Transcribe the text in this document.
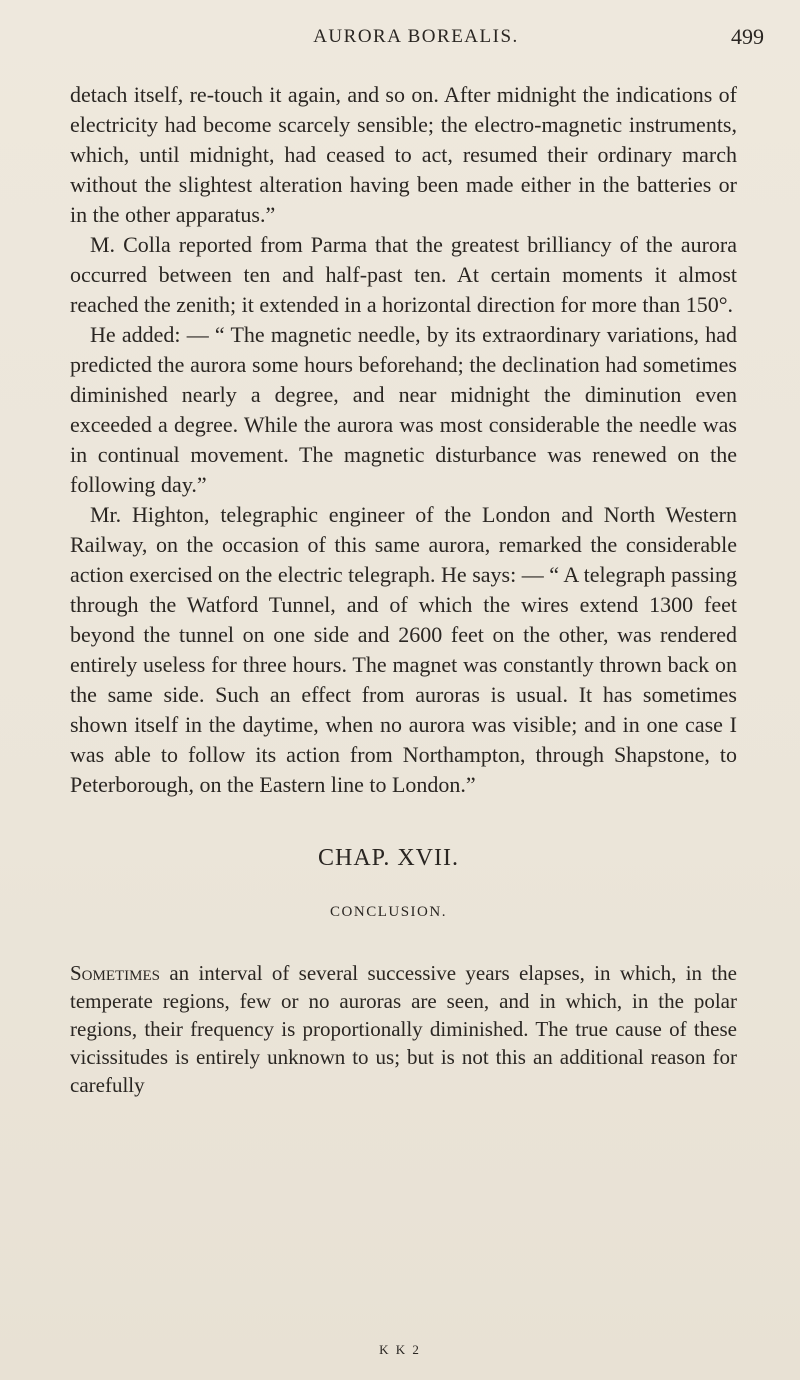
AURORA BOREALIS.	499

detach itself, re-touch it again, and so on. After midnight the indications of electricity had become scarcely sensible; the electro-magnetic instruments, which, until midnight, had ceased to act, resumed their ordinary march without the slightest alteration having been made either in the batteries or in the other apparatus.”

M. Colla reported from Parma that the greatest brilliancy of the aurora occurred between ten and half-past ten. At certain moments it almost reached the zenith; it extended in a horizontal direction for more than 150°.

He added: — “ The magnetic needle, by its extraordinary variations, had predicted the aurora some hours beforehand; the declination had sometimes diminished nearly a degree, and near midnight the diminution even exceeded a degree. While the aurora was most considerable the needle was in continual movement. The magnetic disturbance was renewed on the following day.”

Mr. Highton, telegraphic engineer of the London and North Western Railway, on the occasion of this same aurora, remarked the considerable action exercised on the electric telegraph. He says: — “ A telegraph passing through the Watford Tunnel, and of which the wires extend 1300 feet beyond the tunnel on one side and 2600 feet on the other, was rendered entirely useless for three hours. The magnet was constantly thrown back on the same side. Such an effect from auroras is usual. It has sometimes shown itself in the daytime, when no aurora was visible; and in one case I was able to follow its action from Northampton, through Shapstone, to Peterborough, on the Eastern line to London.”

CHAP. XVII.
CONCLUSION.

Sometimes an interval of several successive years elapses, in which, in the temperate regions, few or no auroras are seen, and in which, in the polar regions, their frequency is proportionally diminished. The true cause of these vicissitudes is entirely unknown to us; but is not this an additional reason for carefully

K K 2
